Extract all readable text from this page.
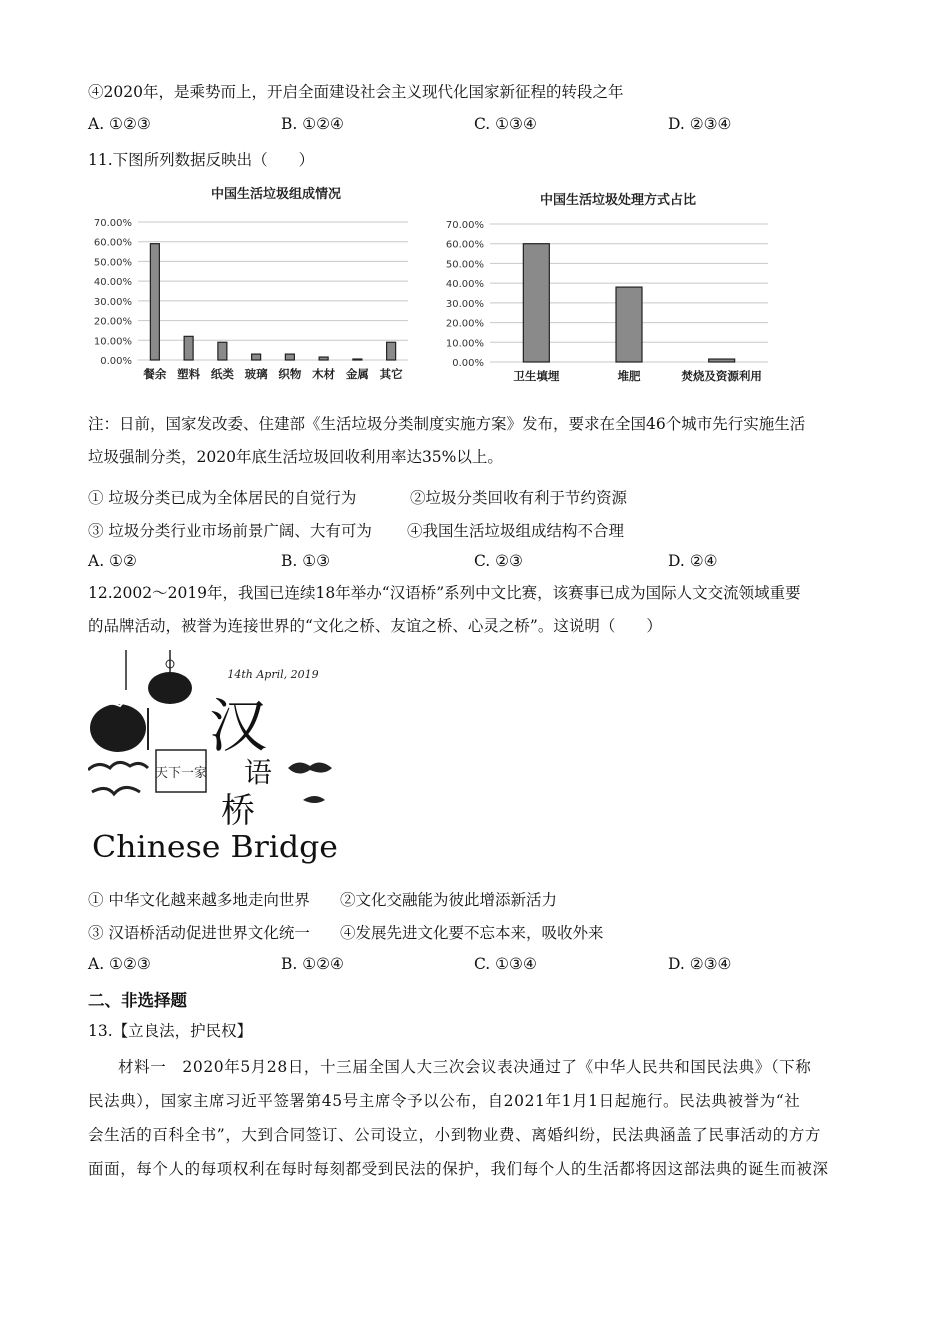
④2020年，是乘势而上，开启全面建设社会主义现代化国家新征程的转段之年
A. ①②③	B. ①②④	C. ①③④	D. ②③④
11.下图所列数据反映出（　　）
中国生活垃圾组成情况
70.00%
60.00%
50.00%
40.00%
30.00%
20.00%
10.00%
0.00%
餐余 塑料 纸类 玻璃 织物 木材 金属 其它
中国生活垃圾处理方式占比
70.00%
60.00%
50.00%
40.00%
30.00%
20.00%
10.00%
0.00%
卫生填埋	堆肥	焚烧及资源利用
注：日前，国家发改委、住建部《生活垃圾分类制度实施方案》发布，要求在全国46个城市先行实施生活
垃圾强制分类，2020年底生活垃圾回收利用率达35%以上。
① 垃圾分类已成为全体居民的自觉行为	②垃圾分类回收有利于节约资源
③ 垃圾分类行业市场前景广阔、大有可为 ④我国生活垃圾组成结构不合理
A. ①②	B. ①③	C. ②③	D. ②④
12.2002～2019年，我国已连续18年举办“汉语桥”系列中文比赛，该赛事已成为国际人文交流领域重要
的品牌活动，被誉为连接世界的“文化之桥、友谊之桥、心灵之桥”。这说明（　　）
天下一家
14th April, 2019
汉
语
桥
Chinese Bridge
① 中华文化越来越多地走向世界 ②文化交融能为彼此增添新活力
③ 汉语桥活动促进世界文化统一 ④发展先进文化要不忘本来，吸收外来
A. ①②③	B. ①②④	C. ①③④	D. ②③④
二、非选择题
13.【立良法，护民权】
材料一　2020年5月28日，十三届全国人大三次会议表决通过了《中华人民共和国民法典》（下称
民法典），国家主席习近平签署第45号主席令予以公布，自2021年1月1日起施行。民法典被誉为“社
会生活的百科全书”，大到合同签订、公司设立，小到物业费、离婚纠纷，民法典涵盖了民事活动的方方
面面，每个人的每项权利在每时每刻都受到民法的保护，我们每个人的生活都将因这部法典的诞生而被深
